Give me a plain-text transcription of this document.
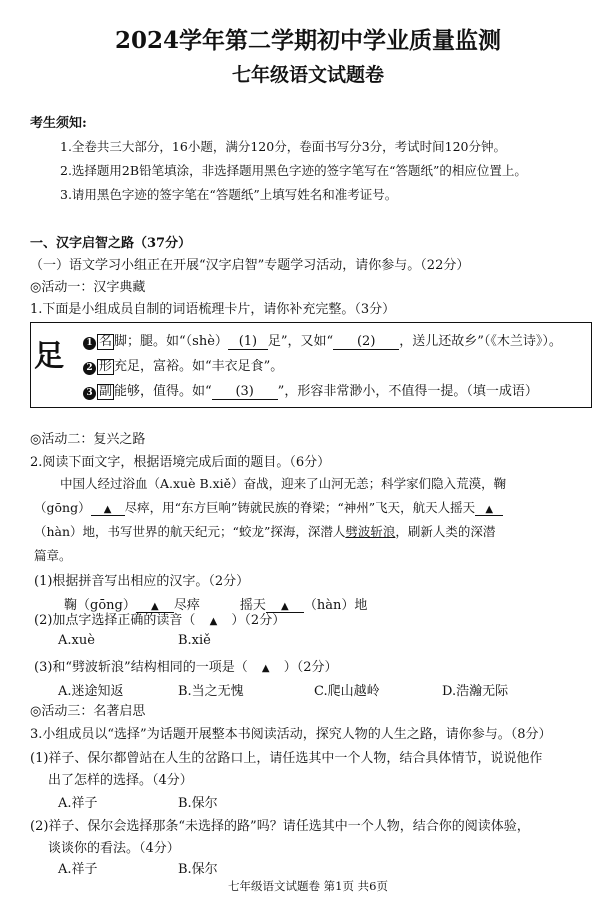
2024学年第二学期初中学业质量监测
七年级语文试题卷
考生须知:
1.全卷共三大部分，16小题，满分120分，卷面书写分3分，考试时间120分钟。
2.选择题用2B铅笔填涂，非选择题用黑色字迹的签字笔写在“答题纸”的相应位置上。
3.请用黑色字迹的签字笔在“答题纸”上填写姓名和准考证号。
一、汉字启智之路（37分）
（一）语文学习小组正在开展“汉字启智”专题学习活动，请你参与。（22分）
◎活动一：汉字典藏
1.下面是小组成员自制的词语梳理卡片，请你补充完整。（3分）
足	1 名 脚；腿。如“（shè） (1) 足”，又如“ (2) ，送儿还故乡”（《木兰诗》）。
2 形 充足，富裕。如“丰衣足食”。
3 副 能够，值得。如“ (3) ”，形容非常渺小，不值得一提。（填一成语）
◎活动二：复兴之路
2.阅读下面文字，根据语境完成后面的题目。（6分）
中国人经过浴血（A.xuè B.xiě）奋战，迎来了山河无恙；科学家们隐入荒漠，鞠
（gōng） ▲ 尽瘁，用“东方巨响”铸就民族的脊梁；“神州”飞天，航天人摇天 ▲
（hàn）地，书写世界的航天纪元；“蛟龙”探海，深潜人劈波斩浪，刷新人类的深潜
篇章。
(1)根据拼音写出相应的汉字。（2分）
鞠（gōng） ▲ 尽瘁	摇天 ▲ （hàn）地
(2)加点字选择正确的读音（ ▲ ）（2分）
A.xuè	B.xiě
(3)和“劈波斩浪”结构相同的一项是（ ▲ ）（2分）
A.迷途知返	B.当之无愧	C.爬山越岭	D.浩瀚无际
◎活动三：名著启思
3.小组成员以“选择”为话题开展整本书阅读活动，探究人物的人生之路，请你参与。（8分）
(1)祥子、保尔都曾站在人生的岔路口上，请任选其中一个人物，结合具体情节，说说他作
出了怎样的选择。（4分）
A.祥子	B.保尔
(2)祥子、保尔会选择那条“未选择的路”吗？请任选其中一个人物，结合你的阅读体验，
谈谈你的看法。（4分）
A.祥子	B.保尔
七年级语文试题卷 第1页 共6页
